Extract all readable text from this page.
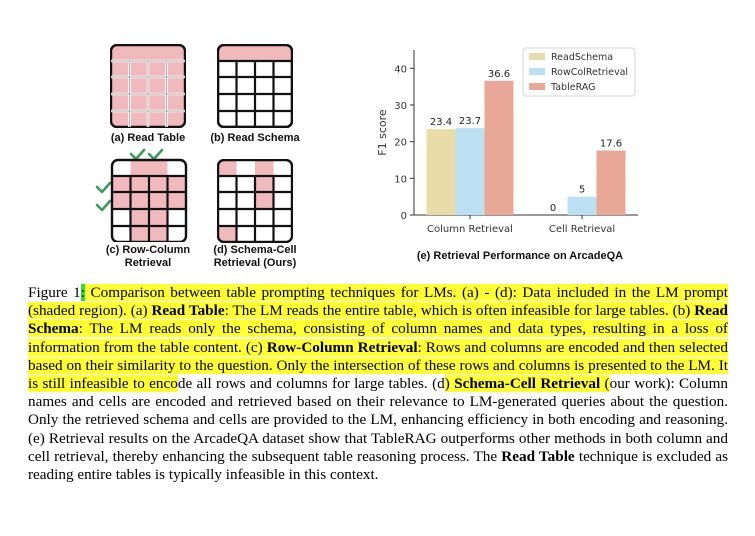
(a) Read Table	(b) Read Schema
(c) Row-Column
Retrieval
(d) Schema-Cell
Retrieval (Ours)
0
10
20
30
40
F1 score
Column Retrieval
23.4 23.7
36.6
Cell Retrieval
0
5
17.6
ReadSchema
RowColRetrieval
TableRAG
(e) Retrieval Performance on ArcadeQA
Figure 1: Comparison between table prompting techniques for LMs. (a) - (d): Data included in the LM prompt (shaded region). (a) Read Table: The LM reads the entire table, which is often infeasible for large tables. (b) Read Schema: The LM reads only the schema, consisting of column names and data types, resulting in a loss of information from the table content. (c) Row-Column Retrieval: Rows and columns are encoded and then selected based on their similarity to the question. Only the intersection of these rows and columns is presented to the LM. It is still infeasible to encode all rows and columns for large tables. (d) Schema-Cell Retrieval (our work): Column names and cells are encoded and retrieved based on their relevance to LM-generated queries about the question. Only the retrieved schema and cells are provided to the LM, enhancing efficiency in both encoding and reasoning. (e) Retrieval results on the ArcadeQA dataset show that TableRAG outperforms other methods in both column and cell retrieval, thereby enhancing the subsequent table reasoning process. The Read Table technique is excluded as reading entire tables is typically infeasible in this context.
